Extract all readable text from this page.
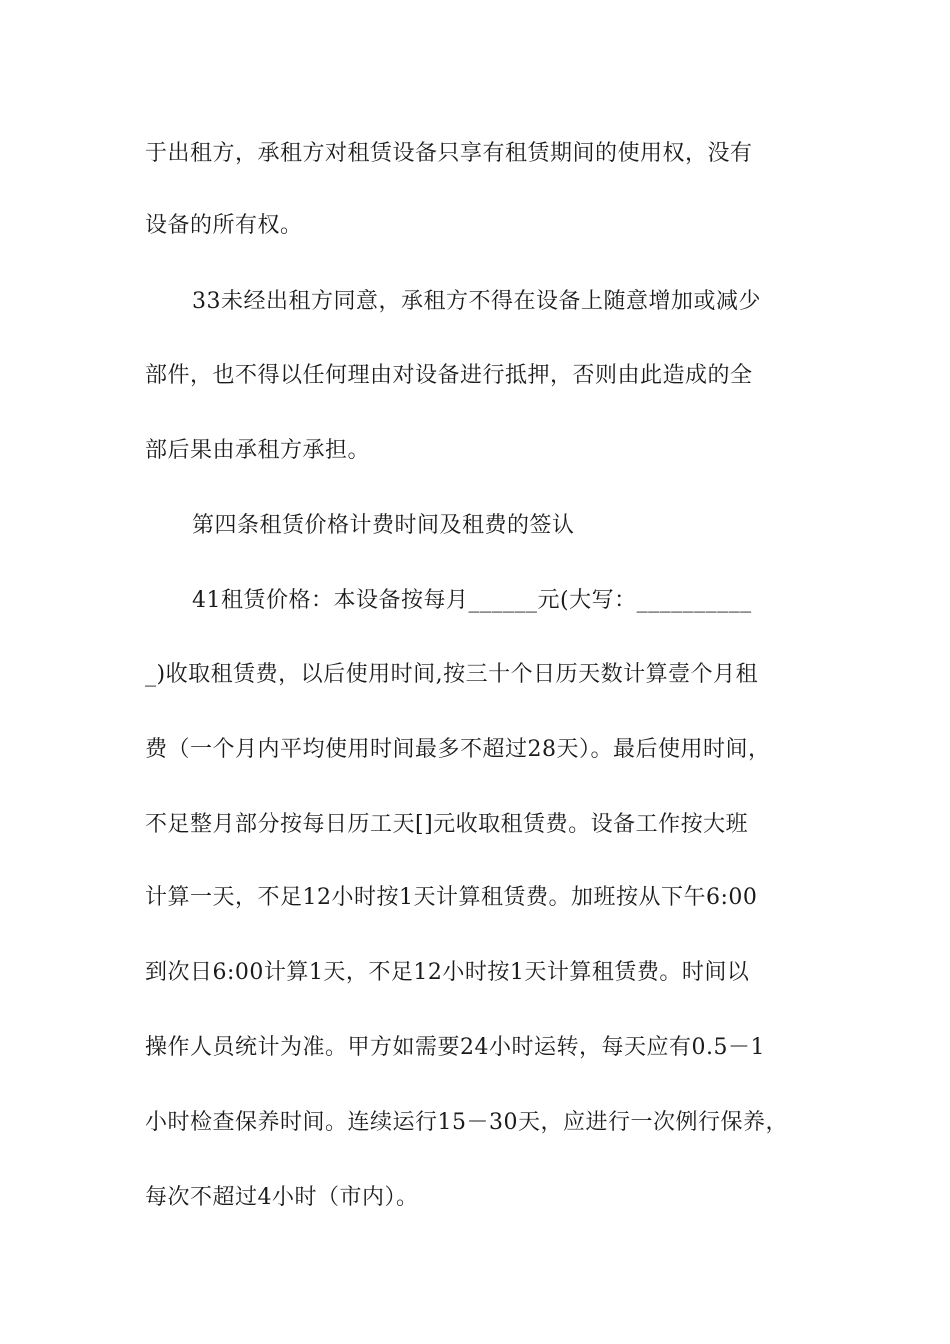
于出租方，承租方对租赁设备只享有租赁期间的使用权，没有
设备的所有权。
33未经出租方同意，承租方不得在设备上随意增加或减少
部件，也不得以任何理由对设备进行抵押，否则由此造成的全
部后果由承租方承担。
第四条租赁价格计费时间及租费的签认
41租赁价格：本设备按每月______元(大写：__________
_)收取租赁费，以后使用时间,按三十个日历天数计算壹个月租
费（一个月内平均使用时间最多不超过28天）。最后使用时间，
不足整月部分按每日历工天[]元收取租赁费。设备工作按大班
计算一天，不足12小时按1天计算租赁费。加班按从下午6:00
到次日6:00计算1天，不足12小时按1天计算租赁费。时间以
操作人员统计为准。甲方如需要24小时运转，每天应有0.5－1
小时检查保养时间。连续运行15－30天，应进行一次例行保养，
每次不超过4小时（市内）。
